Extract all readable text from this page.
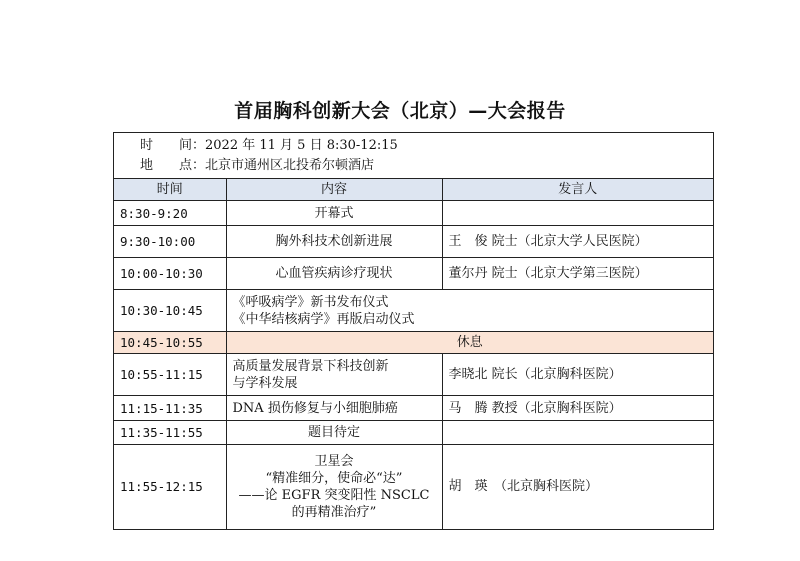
首届胸科创新大会（北京）—大会报告
时　　间：2022 年 11 月 5 日 8:30-12:15
地　　点：北京市通州区北投希尔顿酒店
时间	内容	发言人
8:30-9:20	开幕式	
9:30-10:00	胸外科技术创新进展	王　俊 院士（北京大学人民医院）
10:00-10:30	心血管疾病诊疗现状	董尔丹 院士（北京大学第三医院）
10:30-10:45	《呼吸病学》新书发布仪式
《中华结核病学》再版启动仪式	
10:45-10:55	休息	
10:55-11:15	高质量发展背景下科技创新
与学科发展	李晓北 院长（北京胸科医院）
11:15-11:35	DNA 损伤修复与小细胞肺癌	马　腾 教授（北京胸科医院）
11:35-11:55	题目待定	
11:55-12:15	卫星会
“精准细分，使命必“达”
——论 EGFR 突变阳性 NSCLC
的再精准治疗”	胡　瑛　（北京胸科医院）
